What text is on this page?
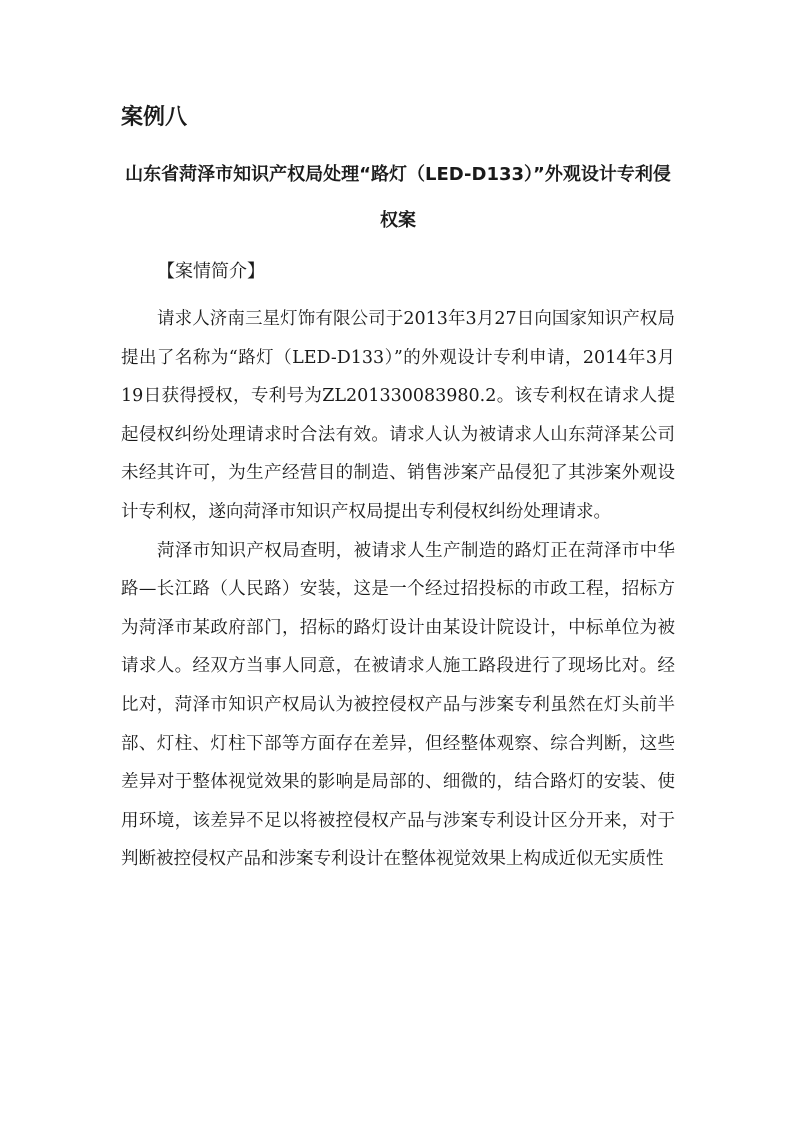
案例八
山东省菏泽市知识产权局处理“路灯（LED-D133）”外观设计专利侵权案

【案情简介】

请求人济南三星灯饰有限公司于2013年3月27日向国家知识产权局提出了名称为“路灯（LED-D133）”的外观设计专利申请，2014年3月19日获得授权，专利号为ZL201330083980.2。该专利权在请求人提起侵权纠纷处理请求时合法有效。请求人认为被请求人山东菏泽某公司未经其许可，为生产经营目的制造、销售涉案产品侵犯了其涉案外观设计专利权，遂向菏泽市知识产权局提出专利侵权纠纷处理请求。

菏泽市知识产权局查明，被请求人生产制造的路灯正在菏泽市中华路—长江路（人民路）安装，这是一个经过招投标的市政工程，招标方为菏泽市某政府部门，招标的路灯设计由某设计院设计，中标单位为被请求人。经双方当事人同意，在被请求人施工路段进行了现场比对。经比对，菏泽市知识产权局认为被控侵权产品与涉案专利虽然在灯头前半部、灯柱、灯柱下部等方面存在差异，但经整体观察、综合判断，这些差异对于整体视觉效果的影响是局部的、细微的，结合路灯的安装、使用环境，该差异不足以将被控侵权产品与涉案专利设计区分开来，对于判断被控侵权产品和涉案专利设计在整体视觉效果上构成近似无实质性
